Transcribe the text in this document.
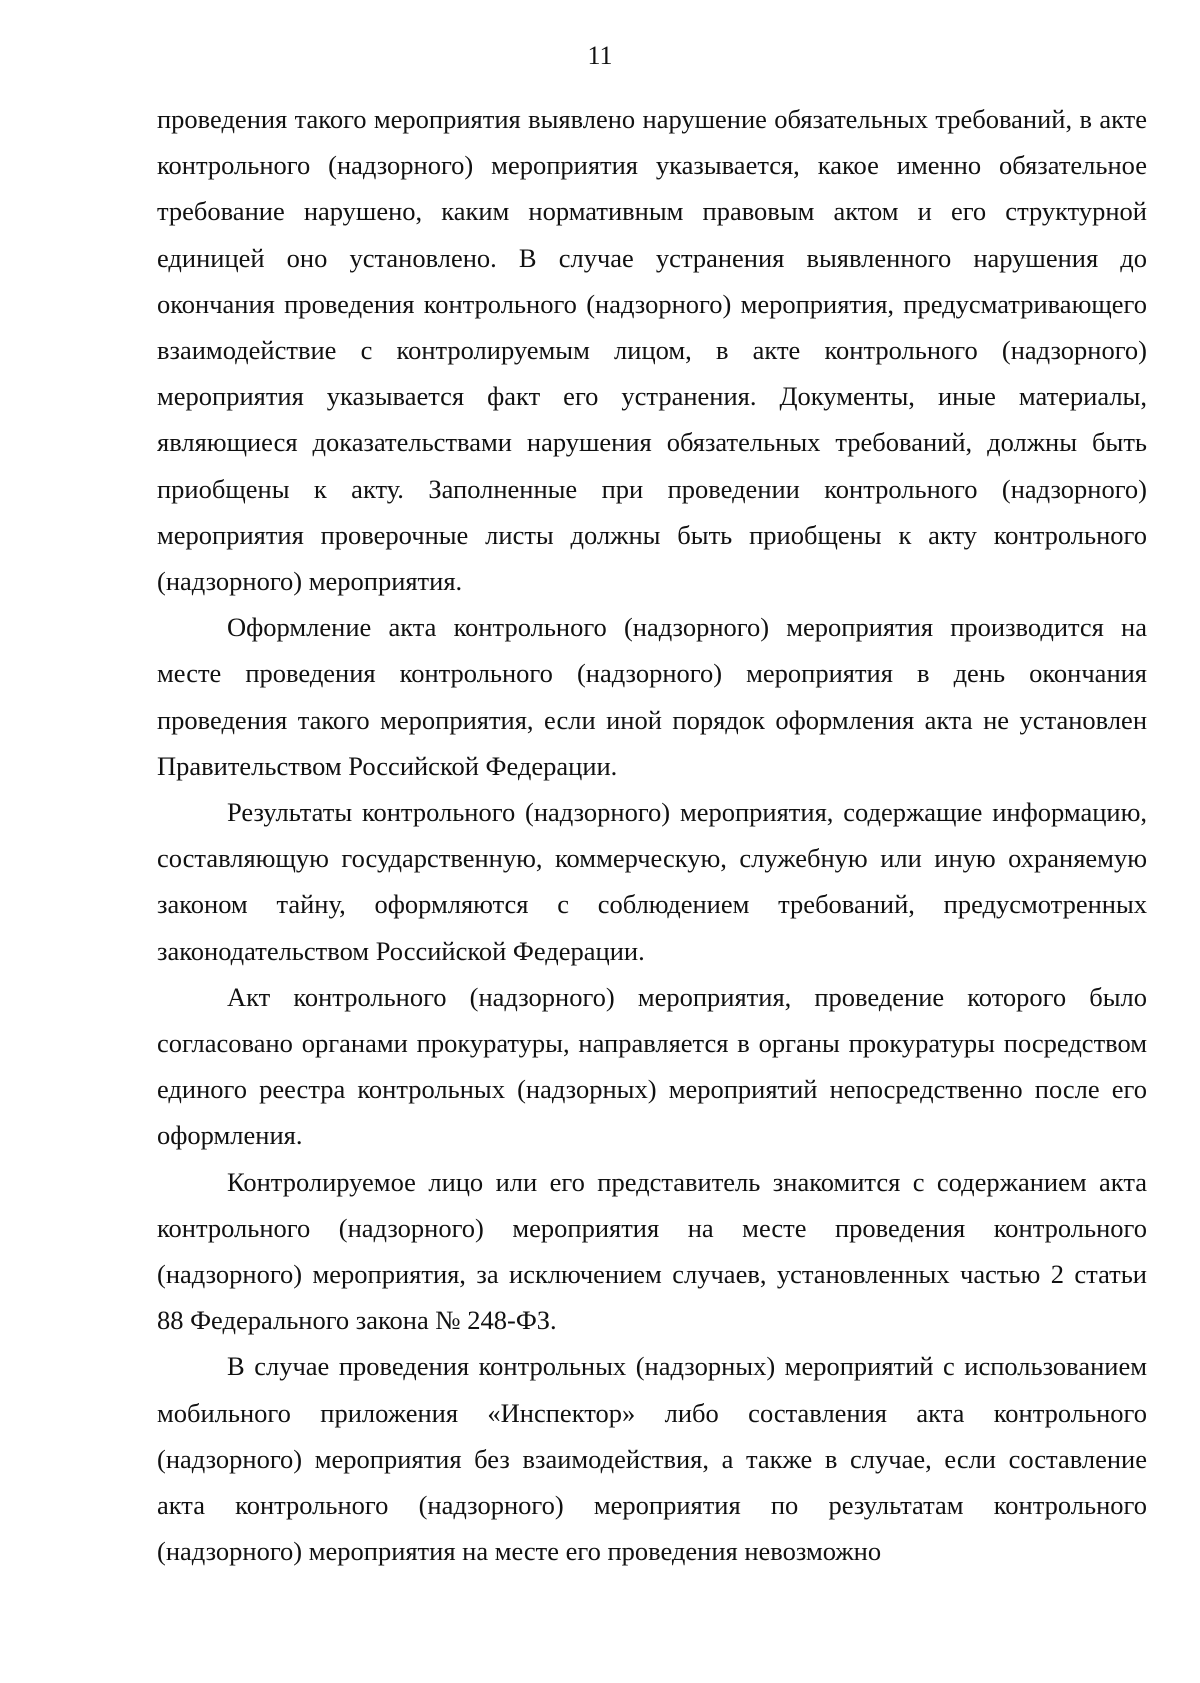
11

проведения такого мероприятия выявлено нарушение обязательных требований, в акте контрольного (надзорного) мероприятия указывается, какое именно обязательное требование нарушено, каким нормативным правовым актом и его структурной единицей оно установлено. В случае устранения выявленного нарушения до окончания проведения контрольного (надзорного) мероприятия, предусматривающего взаимодействие с контролируемым лицом, в акте контрольного (надзорного) мероприятия указывается факт его устранения. Документы, иные материалы, являющиеся доказательствами нарушения обязательных требований, должны быть приобщены к акту. Заполненные при проведении контрольного (надзорного) мероприятия проверочные листы должны быть приобщены к акту контрольного (надзорного) мероприятия.

Оформление акта контрольного (надзорного) мероприятия производится на месте проведения контрольного (надзорного) мероприятия в день окончания проведения такого мероприятия, если иной порядок оформления акта не установлен Правительством Российской Федерации.

Результаты контрольного (надзорного) мероприятия, содержащие информацию, составляющую государственную, коммерческую, служебную или иную охраняемую законом тайну, оформляются с соблюдением требований, предусмотренных законодательством Российской Федерации.

Акт контрольного (надзорного) мероприятия, проведение которого было согласовано органами прокуратуры, направляется в органы прокуратуры посредством единого реестра контрольных (надзорных) мероприятий непосредственно после его оформления.

Контролируемое лицо или его представитель знакомится с содержанием акта контрольного (надзорного) мероприятия на месте проведения контрольного (надзорного) мероприятия, за исключением случаев, установленных частью 2 статьи 88 Федерального закона № 248-ФЗ.

В случае проведения контрольных (надзорных) мероприятий с использованием мобильного приложения «Инспектор» либо составления акта контрольного (надзорного) мероприятия без взаимодействия, а также в случае, если составление акта контрольного (надзорного) мероприятия по результатам контрольного (надзорного) мероприятия на месте его проведения невозможно
